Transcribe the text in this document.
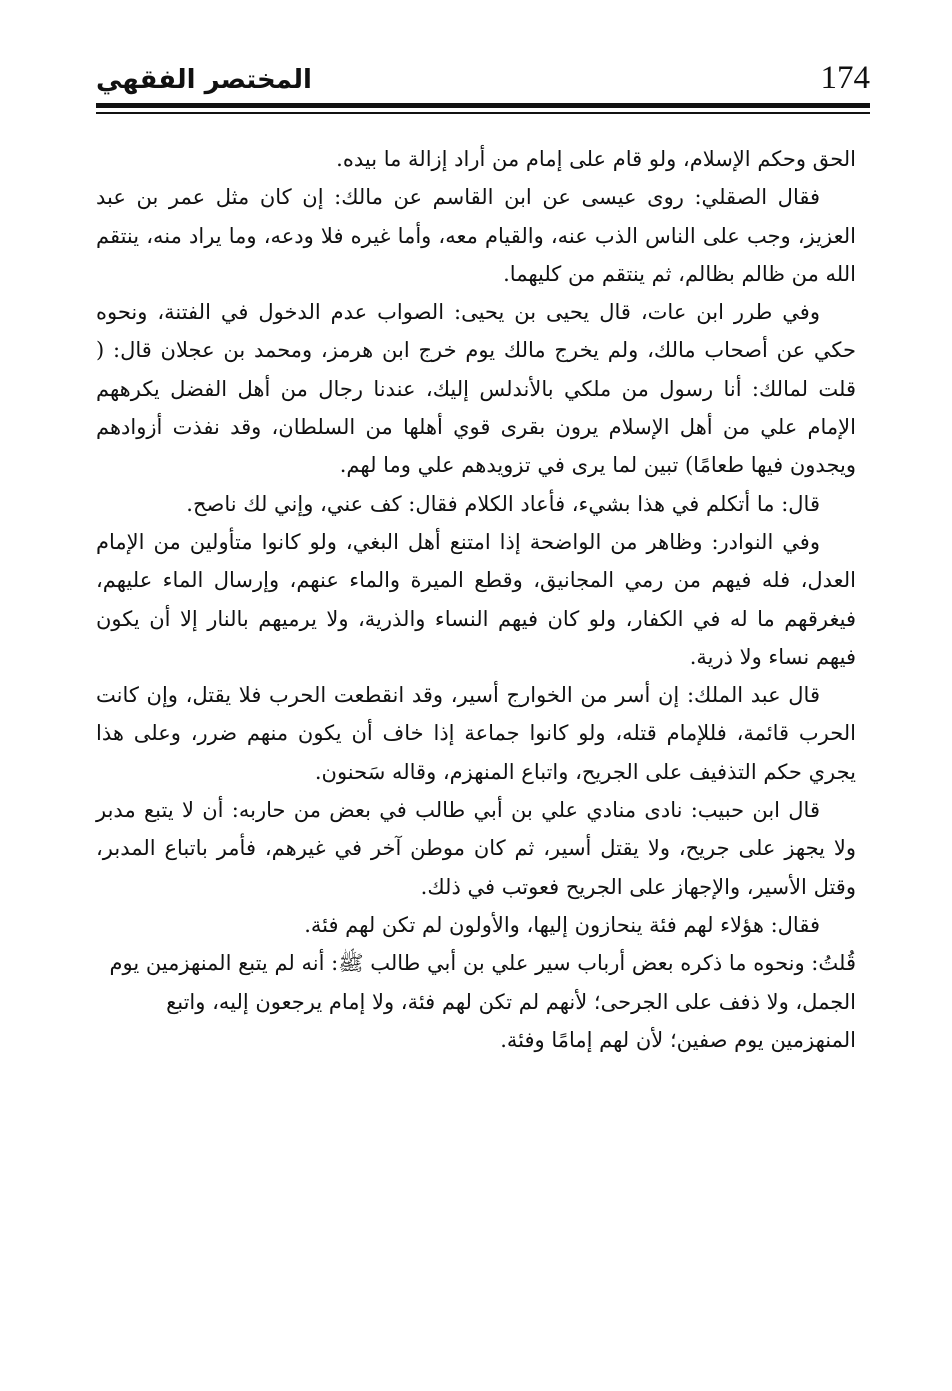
174
المختصر الفقهي

الحق وحكم الإسلام، ولو قام على إمام من أراد إزالة ما بيده.

فقال الصقلي: روى عيسى عن ابن القاسم عن مالك: إن كان مثل عمر بن عبد العزيز، وجب على الناس الذب عنه، والقيام معه، وأما غيره فلا ودعه، وما يراد منه، ينتقم الله من ظالم بظالم، ثم ينتقم من كليهما.

وفي طرر ابن عات، قال يحيى بن يحيى: الصواب عدم الدخول في الفتنة، ونحوه حكي عن أصحاب مالك، ولم يخرج مالك يوم خرج ابن هرمز، ومحمد بن عجلان قال: ( قلت لمالك: أنا رسول من ملكي بالأندلس إليك، عندنا رجال من أهل الفضل يكرههم الإمام علي من أهل الإسلام يرون بقرى قوي أهلها من السلطان، وقد نفذت أزوادهم ويجدون فيها طعامًا) تبين لما يرى في تزويدهم علي وما لهم.

قال: ما أتكلم في هذا بشيء، فأعاد الكلام فقال: كف عني، وإني لك ناصح.

وفي النوادر: وظاهر من الواضحة إذا امتنع أهل البغي، ولو كانوا متأولين من الإمام العدل، فله فيهم من رمي المجانيق، وقطع الميرة والماء عنهم، وإرسال الماء عليهم، فيغرقهم ما له في الكفار، ولو كان فيهم النساء والذرية، ولا يرميهم بالنار إلا أن يكون فيهم نساء ولا ذرية.

قال عبد الملك: إن أسر من الخوارج أسير، وقد انقطعت الحرب فلا يقتل، وإن كانت الحرب قائمة، فللإمام قتله، ولو كانوا جماعة إذا خاف أن يكون منهم ضرر، وعلى هذا يجري حكم التذفيف على الجريح، واتباع المنهزم، وقاله سَحنون.

قال ابن حبيب: نادى منادي علي بن أبي طالب في بعض من حاربه: أن لا يتبع مدبر ولا يجهز على جريح، ولا يقتل أسير، ثم كان موطن آخر في غيرهم، فأمر باتباع المدبر، وقتل الأسير، والإجهاز على الجريح فعوتب في ذلك.

فقال: هؤلاء لهم فئة ينحازون إليها، والأولون لم تكن لهم فئة.

قُلتُ: ونحوه ما ذكره بعض أرباب سير علي بن أبي طالب ﷺ: أنه لم يتبع المنهزمين يوم الجمل، ولا ذفف على الجرحى؛ لأنهم لم تكن لهم فئة، ولا إمام يرجعون إليه، واتبع المنهزمين يوم صفين؛ لأن لهم إمامًا وفئة.
